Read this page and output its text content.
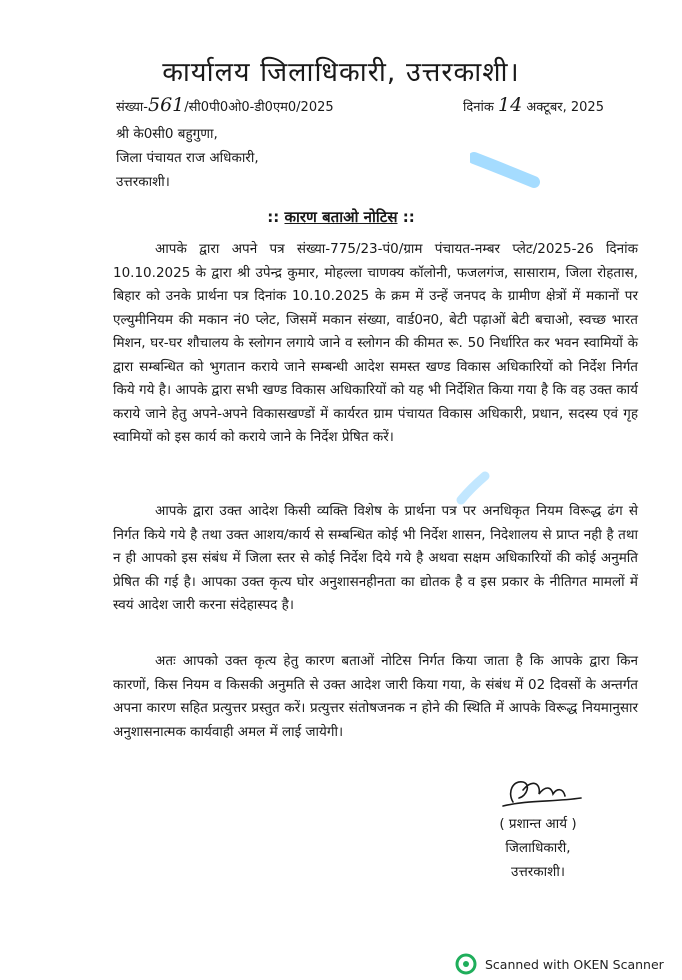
कार्यालय जिलाधिकारी, उत्तरकाशी।
संख्या-561/सी0पी0ओ0-डी0एम0/2025	दिनांक 14 अक्टूबर, 2025
श्री के0सी0 बहुगुणा,
जिला पंचायत राज अधिकारी,
उत्तरकाशी।
:: कारण बताओ नोटिस ::

आपके द्वारा अपने पत्र संख्या-775/23-पं0/ग्राम पंचायत-नम्बर प्लेट/2025-26 दिनांक 10.10.2025 के द्वारा श्री उपेन्द्र कुमार, मोहल्ला चाणक्य कॉलोनी, फजलगंज, सासाराम, जिला रोहतास, बिहार को उनके प्रार्थना पत्र दिनांक 10.10.2025 के क्रम में उन्हें जनपद के ग्रामीण क्षेत्रों में मकानों पर एल्युमीनियम की मकान नं0 प्लेट, जिसमें मकान संख्या, वार्ड0न0, बेटी पढ़ाओं बेटी बचाओ, स्वच्छ भारत मिशन, घर-घर शौचालय के स्लोगन लगाये जाने व स्लोगन की कीमत रू. 50 निर्धारित कर भवन स्वामियों के द्वारा सम्बन्धित को भुगतान कराये जाने सम्बन्धी आदेश समस्त खण्ड विकास अधिकारियों को निर्देश निर्गत किये गये है। आपके द्वारा सभी खण्ड विकास अधिकारियों को यह भी निर्देशित किया गया है कि वह उक्त कार्य कराये जाने हेतु अपने-अपने विकासखण्डों में कार्यरत ग्राम पंचायत विकास अधिकारी, प्रधान, सदस्य एवं गृह स्वामियों को इस कार्य को कराये जाने के निर्देश प्रेषित करें।

आपके द्वारा उक्त आदेश किसी व्यक्ति विशेष के प्रार्थना पत्र पर अनधिकृत नियम विरूद्ध ढंग से निर्गत किये गये है तथा उक्त आशय/कार्य से सम्बन्धित कोई भी निर्देश शासन, निदेशालय से प्राप्त नही है तथा न ही आपको इस संबंध में जिला स्तर से कोई निर्देश दिये गये है अथवा सक्षम अधिकारियों की कोई अनुमति प्रेषित की गई है। आपका उक्त कृत्य घोर अनुशासनहीनता का द्योतक है व इस प्रकार के नीतिगत मामलों में स्वयं आदेश जारी करना संदेहास्पद है।

अतः आपको उक्त कृत्य हेतु कारण बताओं नोटिस निर्गत किया जाता है कि आपके द्वारा किन कारणों, किस नियम व किसकी अनुमति से उक्त आदेश जारी किया गया, के संबंध में 02 दिवसों के अन्तर्गत अपना कारण सहित प्रत्युत्तर प्रस्तुत करें। प्रत्युत्तर संतोषजनक न होने की स्थिति में आपके विरूद्ध नियमानुसार अनुशासनात्मक कार्यवाही अमल में लाई जायेगी।

( प्रशान्त आर्य )
जिलाधिकारी,
उत्तरकाशी।
Scanned with OKEN Scanner
